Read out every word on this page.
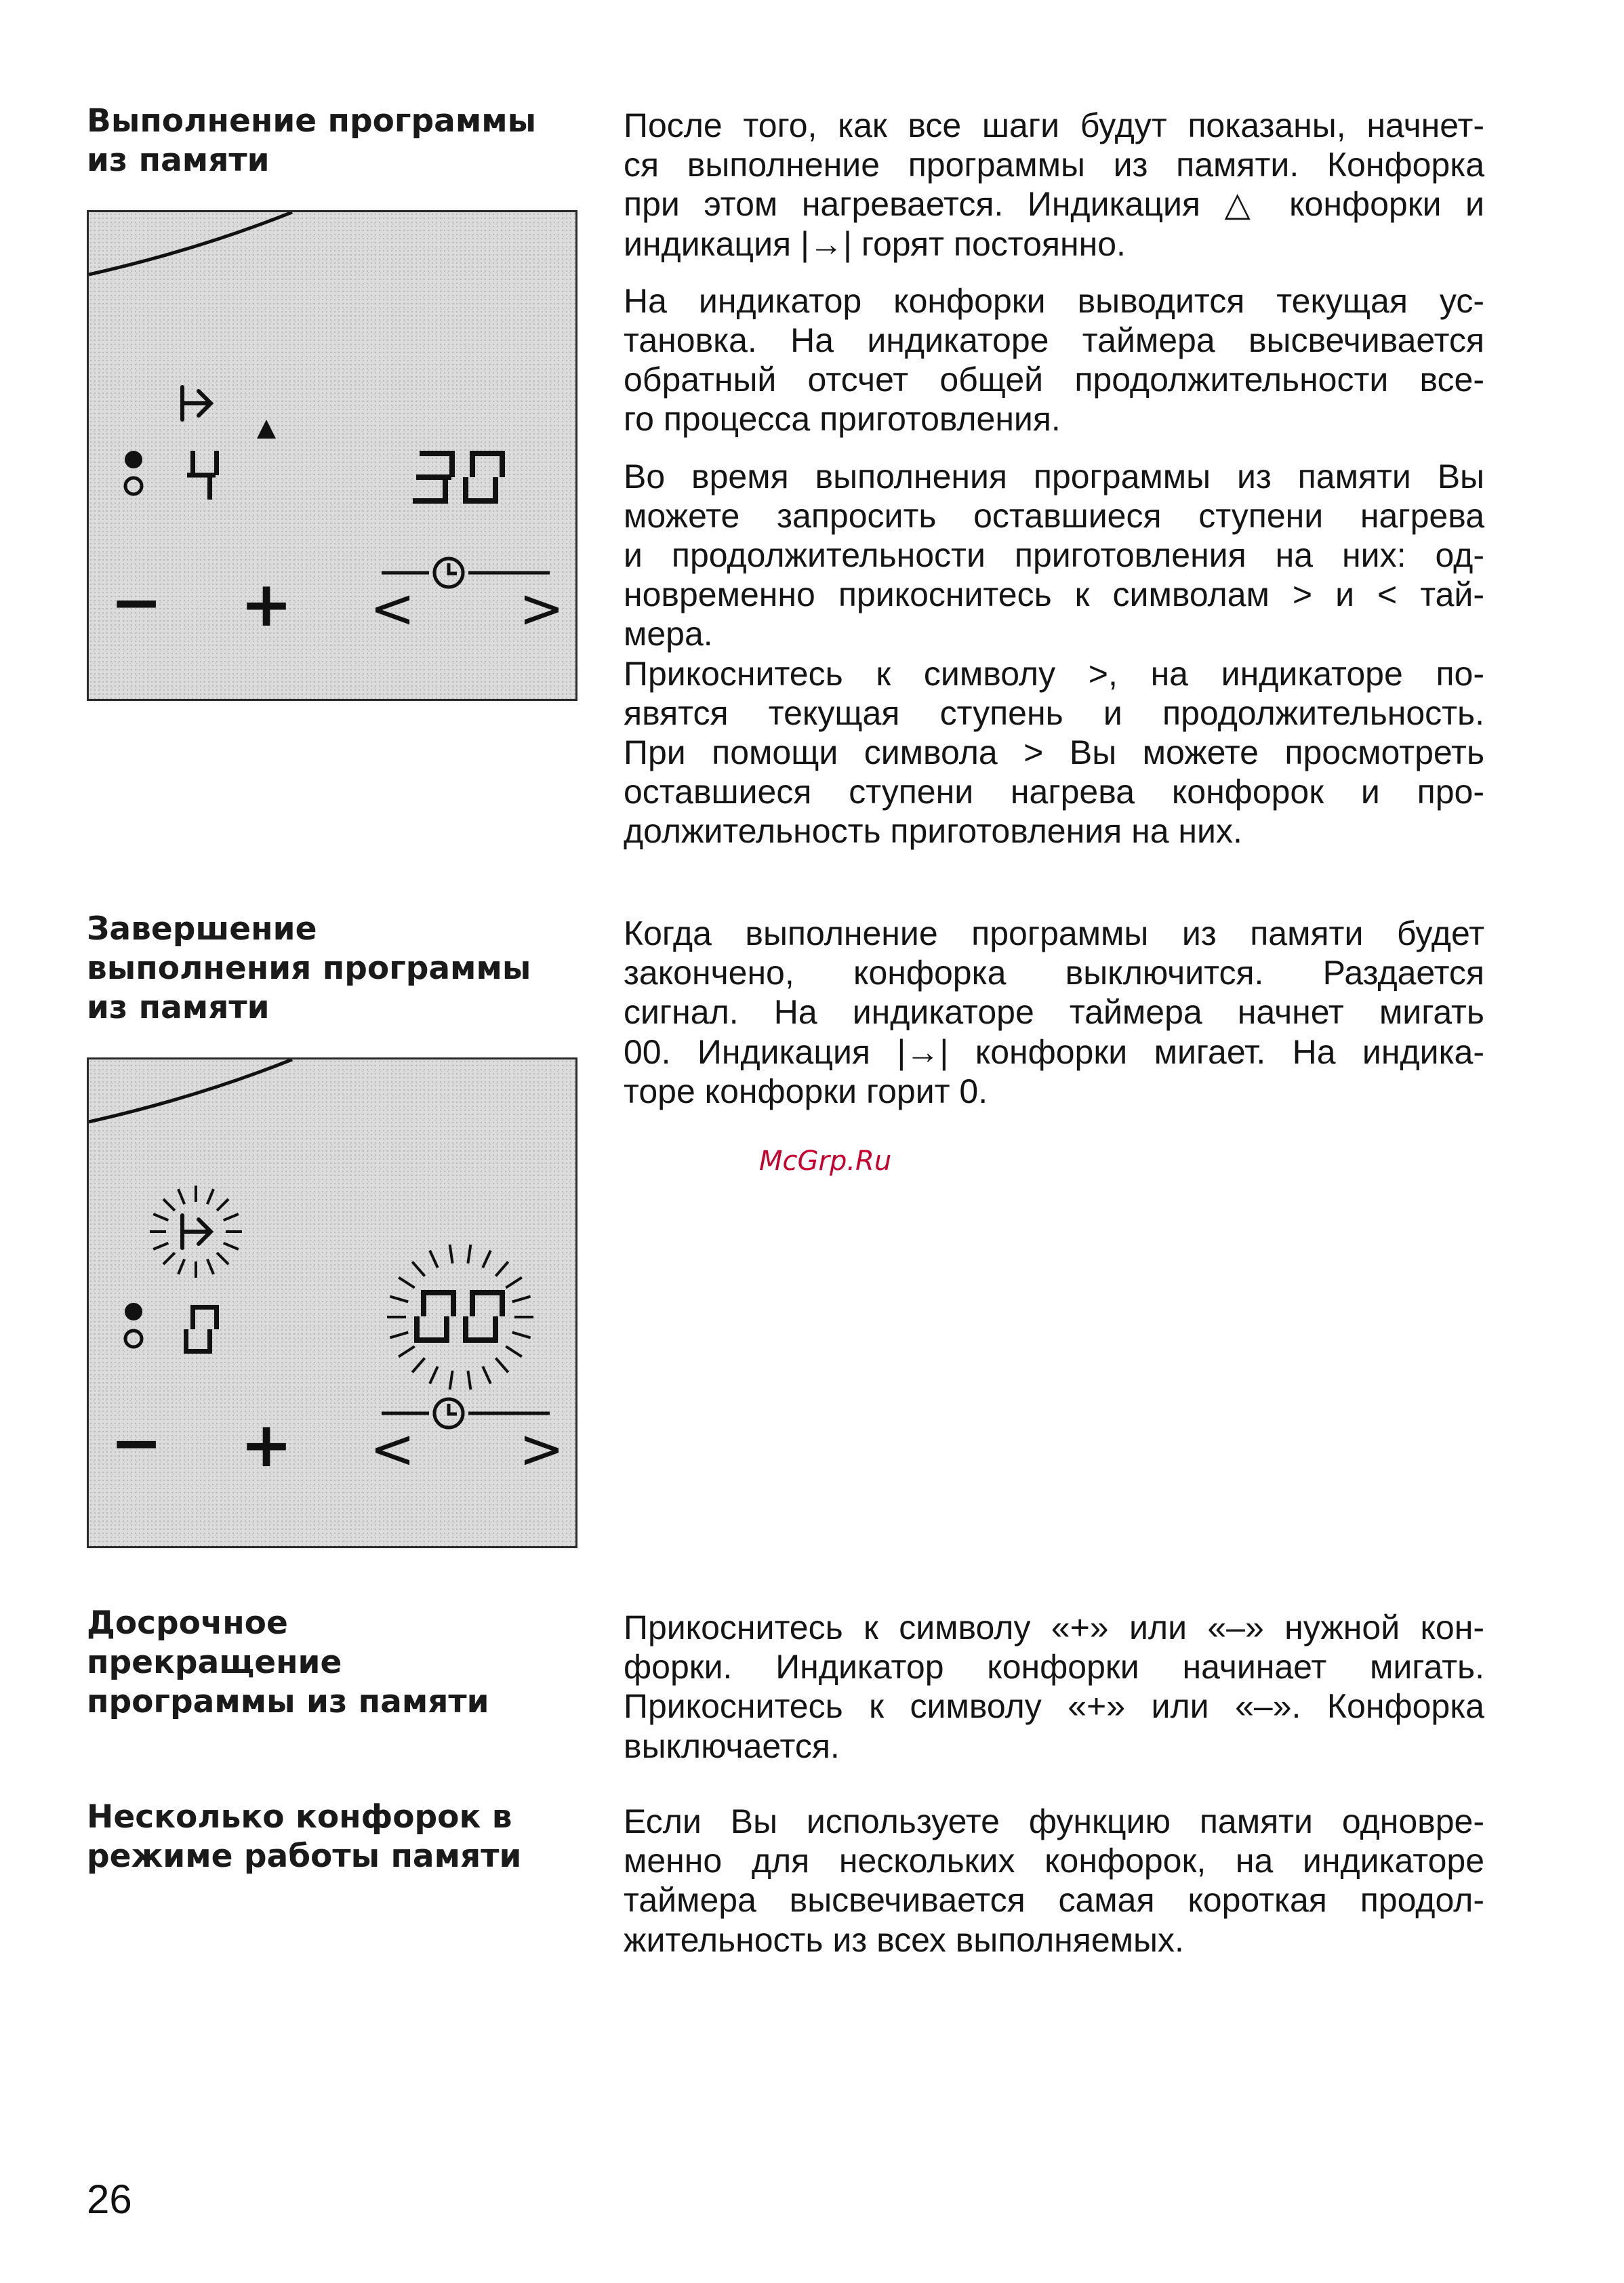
Выполнение программы
из памяти
После того, как все шаги будут показаны, начнет-
ся выполнение программы из памяти. Конфорка
при этом нагревается. Индикация △ конфорки и
индикация |→| горят постоянно.
На индикатор конфорки выводится текущая ус-
тановка. На индикаторе таймера высвечивается
обратный отсчет общей продолжительности все-
го процесса приготовления.
Во время выполнения программы из памяти Вы
можете запросить оставшиеся ступени нагрева
и продолжительности приготовления на них: од-
новременно прикоснитесь к символам > и < тай-
мера.
Прикоснитесь к символу >, на индикаторе по-
явятся текущая ступень и продолжительность.
При помощи символа > Вы можете просмотреть
оставшиеся ступени нагрева конфорок и про-
должительность приготовления на них.
− + < >
Завершение
выполнения программы
из памяти
Когда выполнение программы из памяти будет
закончено, конфорка выключится. Раздается
сигнал. На индикаторе таймера начнет мигать
00. Индикация |→| конфорки мигает. На индика-
торе конфорки горит 0.
− + < >

McGrp.Ru

Досрочное
прекращение
программы из памяти
Прикоснитесь к символу «+» или «–» нужной кон-
форки. Индикатор конфорки начинает мигать.
Прикоснитесь к символу «+» или «–». Конфорка
выключается.
Несколько конфорок в
режиме работы памяти
Если Вы используете функцию памяти одновре-
менно для нескольких конфорок, на индикаторе
таймера высвечивается самая короткая продол-
жительность из всех выполняемых.

26
